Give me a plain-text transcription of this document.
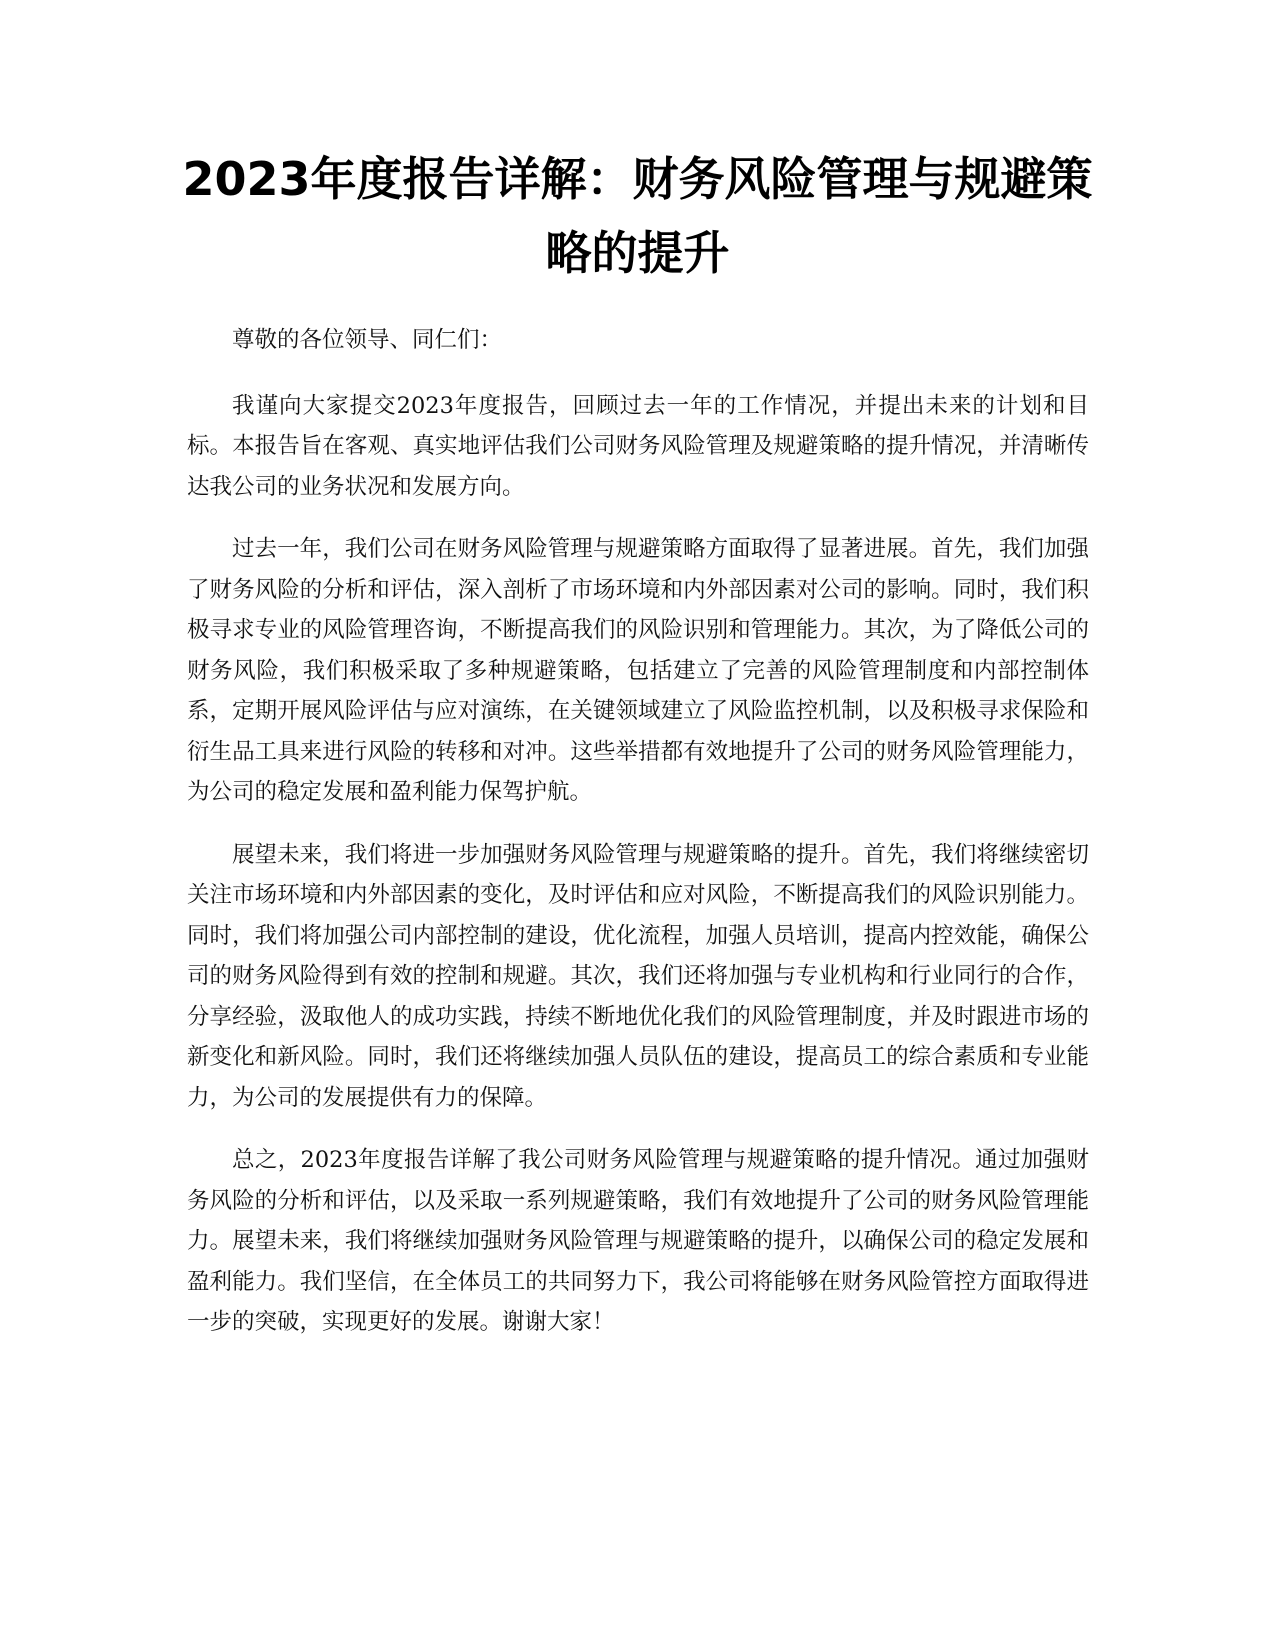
2023年度报告详解：财务风险管理与规避策略的提升

尊敬的各位领导、同仁们：

我谨向大家提交2023年度报告，回顾过去一年的工作情况，并提出未来的计划和目标。本报告旨在客观、真实地评估我们公司财务风险管理及规避策略的提升情况，并清晰传达我公司的业务状况和发展方向。

过去一年，我们公司在财务风险管理与规避策略方面取得了显著进展。首先，我们加强了财务风险的分析和评估，深入剖析了市场环境和内外部因素对公司的影响。同时，我们积极寻求专业的风险管理咨询，不断提高我们的风险识别和管理能力。其次，为了降低公司的财务风险，我们积极采取了多种规避策略，包括建立了完善的风险管理制度和内部控制体系，定期开展风险评估与应对演练，在关键领域建立了风险监控机制，以及积极寻求保险和衍生品工具来进行风险的转移和对冲。这些举措都有效地提升了公司的财务风险管理能力，为公司的稳定发展和盈利能力保驾护航。

展望未来，我们将进一步加强财务风险管理与规避策略的提升。首先，我们将继续密切关注市场环境和内外部因素的变化，及时评估和应对风险，不断提高我们的风险识别能力。同时，我们将加强公司内部控制的建设，优化流程，加强人员培训，提高内控效能，确保公司的财务风险得到有效的控制和规避。其次，我们还将加强与专业机构和行业同行的合作，分享经验，汲取他人的成功实践，持续不断地优化我们的风险管理制度，并及时跟进市场的新变化和新风险。同时，我们还将继续加强人员队伍的建设，提高员工的综合素质和专业能力，为公司的发展提供有力的保障。

总之，2023年度报告详解了我公司财务风险管理与规避策略的提升情况。通过加强财务风险的分析和评估，以及采取一系列规避策略，我们有效地提升了公司的财务风险管理能力。展望未来，我们将继续加强财务风险管理与规避策略的提升，以确保公司的稳定发展和盈利能力。我们坚信，在全体员工的共同努力下，我公司将能够在财务风险管控方面取得进一步的突破，实现更好的发展。谢谢大家！
